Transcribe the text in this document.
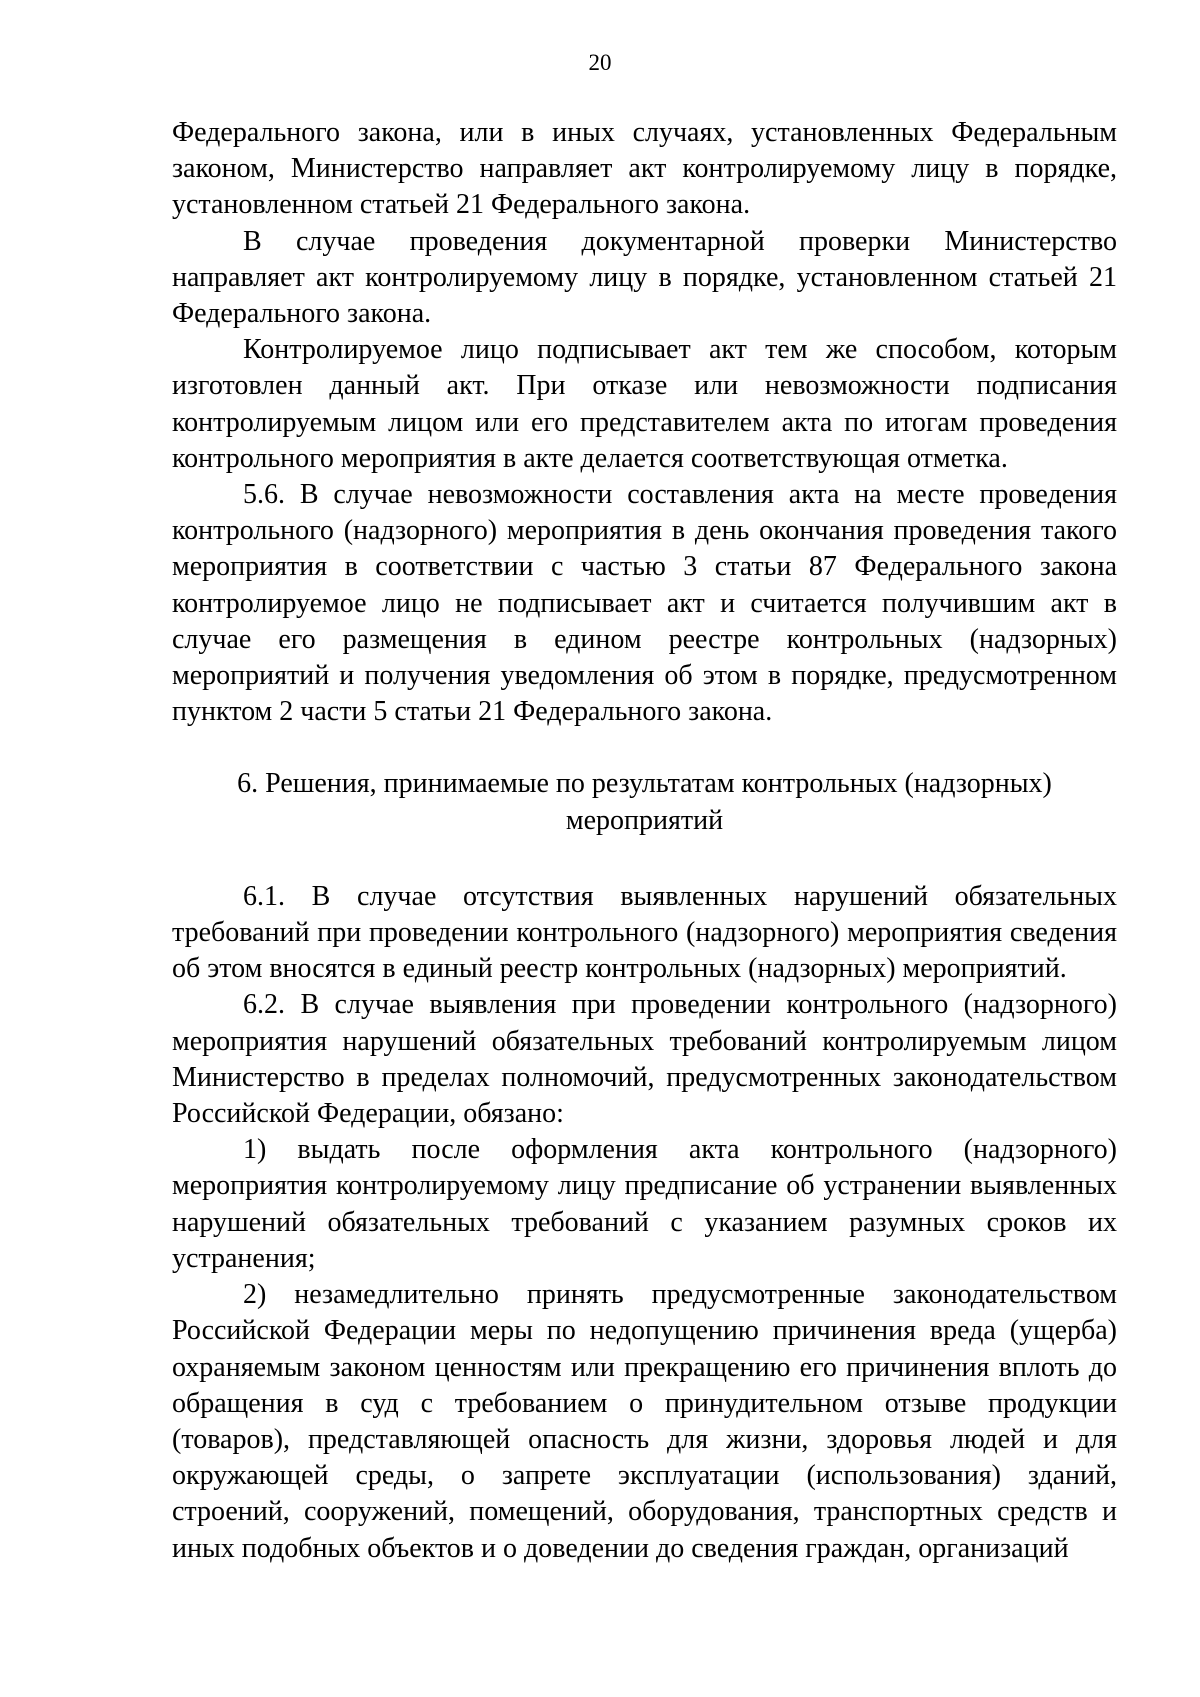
20

Федерального закона, или в иных случаях, установленных Федеральным законом, Министерство направляет акт контролируемому лицу в порядке, установленном статьей 21 Федерального закона.

В случае проведения документарной проверки Министерство направляет акт контролируемому лицу в порядке, установленном статьей 21 Федерального закона.

Контролируемое лицо подписывает акт тем же способом, которым изготовлен данный акт. При отказе или невозможности подписания контролируемым лицом или его представителем акта по итогам проведения контрольного мероприятия в акте делается соответствующая отметка.

5.6. В случае невозможности составления акта на месте проведения контрольного (надзорного) мероприятия в день окончания проведения такого мероприятия в соответствии с частью 3 статьи 87 Федерального закона контролируемое лицо не подписывает акт и считается получившим акт в случае его размещения в едином реестре контрольных (надзорных) мероприятий и получения уведомления об этом в порядке, предусмотренном пунктом 2 части 5 статьи 21 Федерального закона.

6. Решения, принимаемые по результатам контрольных (надзорных) мероприятий

6.1. В случае отсутствия выявленных нарушений обязательных требований при проведении контрольного (надзорного) мероприятия сведения об этом вносятся в единый реестр контрольных (надзорных) мероприятий.

6.2. В случае выявления при проведении контрольного (надзорного) мероприятия нарушений обязательных требований контролируемым лицом Министерство в пределах полномочий, предусмотренных законодательством Российской Федерации, обязано:

1) выдать после оформления акта контрольного (надзорного) мероприятия контролируемому лицу предписание об устранении выявленных нарушений обязательных требований с указанием разумных сроков их устранения;

2) незамедлительно принять предусмотренные законодательством Российской Федерации меры по недопущению причинения вреда (ущерба) охраняемым законом ценностям или прекращению его причинения вплоть до обращения в суд с требованием о принудительном отзыве продукции (товаров), представляющей опасность для жизни, здоровья людей и для окружающей среды, о запрете эксплуатации (использования) зданий, строений, сооружений, помещений, оборудования, транспортных средств и иных подобных объектов и о доведении до сведения граждан, организаций
